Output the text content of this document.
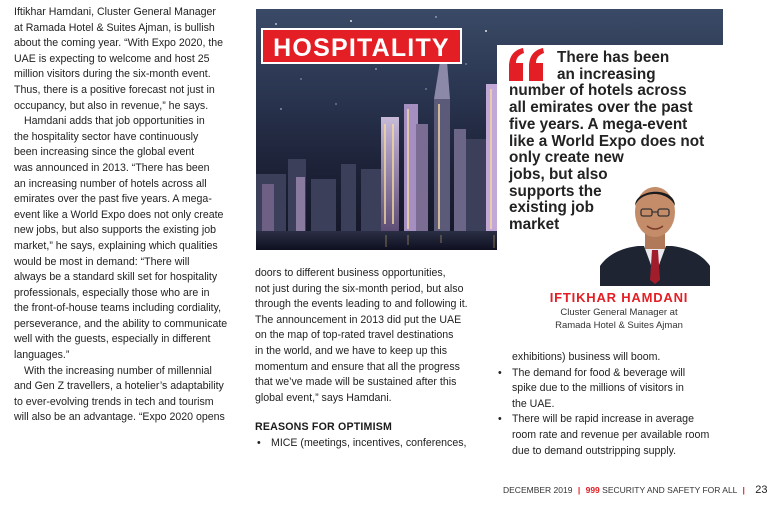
Iftikhar Hamdani, Cluster General Manager
at Ramada Hotel & Suites Ajman, is bullish
about the coming year. “With Expo 2020, the
UAE is expecting to welcome and host 25
million visitors during the six-month event.
Thus, there is a positive forecast not just in
occupancy, but also in revenue,” he says.

Hamdani adds that job opportunities in
the hospitality sector have continuously
been increasing since the global event
was announced in 2013. “There has been
an increasing number of hotels across all
emirates over the past five years. A mega-
event like a World Expo does not only create
new jobs, but also supports the existing job
market,” he says, explaining which qualities
would be most in demand: “There will
always be a standard skill set for hospitality
professionals, especially those who are in
the front-of-house teams including cordiality,
perseverance, and the ability to communicate
well with the guests, especially in different
languages.”

With the increasing number of millennial
and Gen Z travellers, a hotelier’s adaptability
to ever-evolving trends in tech and tourism
will also be an advantage. “Expo 2020 opens

HOSPITALITY	There has been
an increasing
number of hotels across
all emirates over the past
five years. A mega-event
like a World Expo does not
only create new
jobs, but also
supports the
existing job
market
IFTIKHAR HAMDANI
Cluster General Manager at
Ramada Hotel & Suites Ajman

doors to different business opportunities,
not just during the six-month period, but also
through the events leading to and following it.
The announcement in 2013 did put the UAE
on the map of top-rated travel destinations
in the world, and we have to keep up this
momentum and ensure that all the progress
that we’ve made will be sustained after this
global event,” says Hamdani.

REASONS FOR OPTIMISM

• MICE (meetings, incentives, conferences,

exhibitions) business will boom.

• The demand for food & beverage will
spike due to the millions of visitors in
the UAE.

• There will be rapid increase in average
room rate and revenue per available room
due to demand outstripping supply.

DECEMBER 2019 | 999 SECURITY AND SAFETY FOR ALL | 23
